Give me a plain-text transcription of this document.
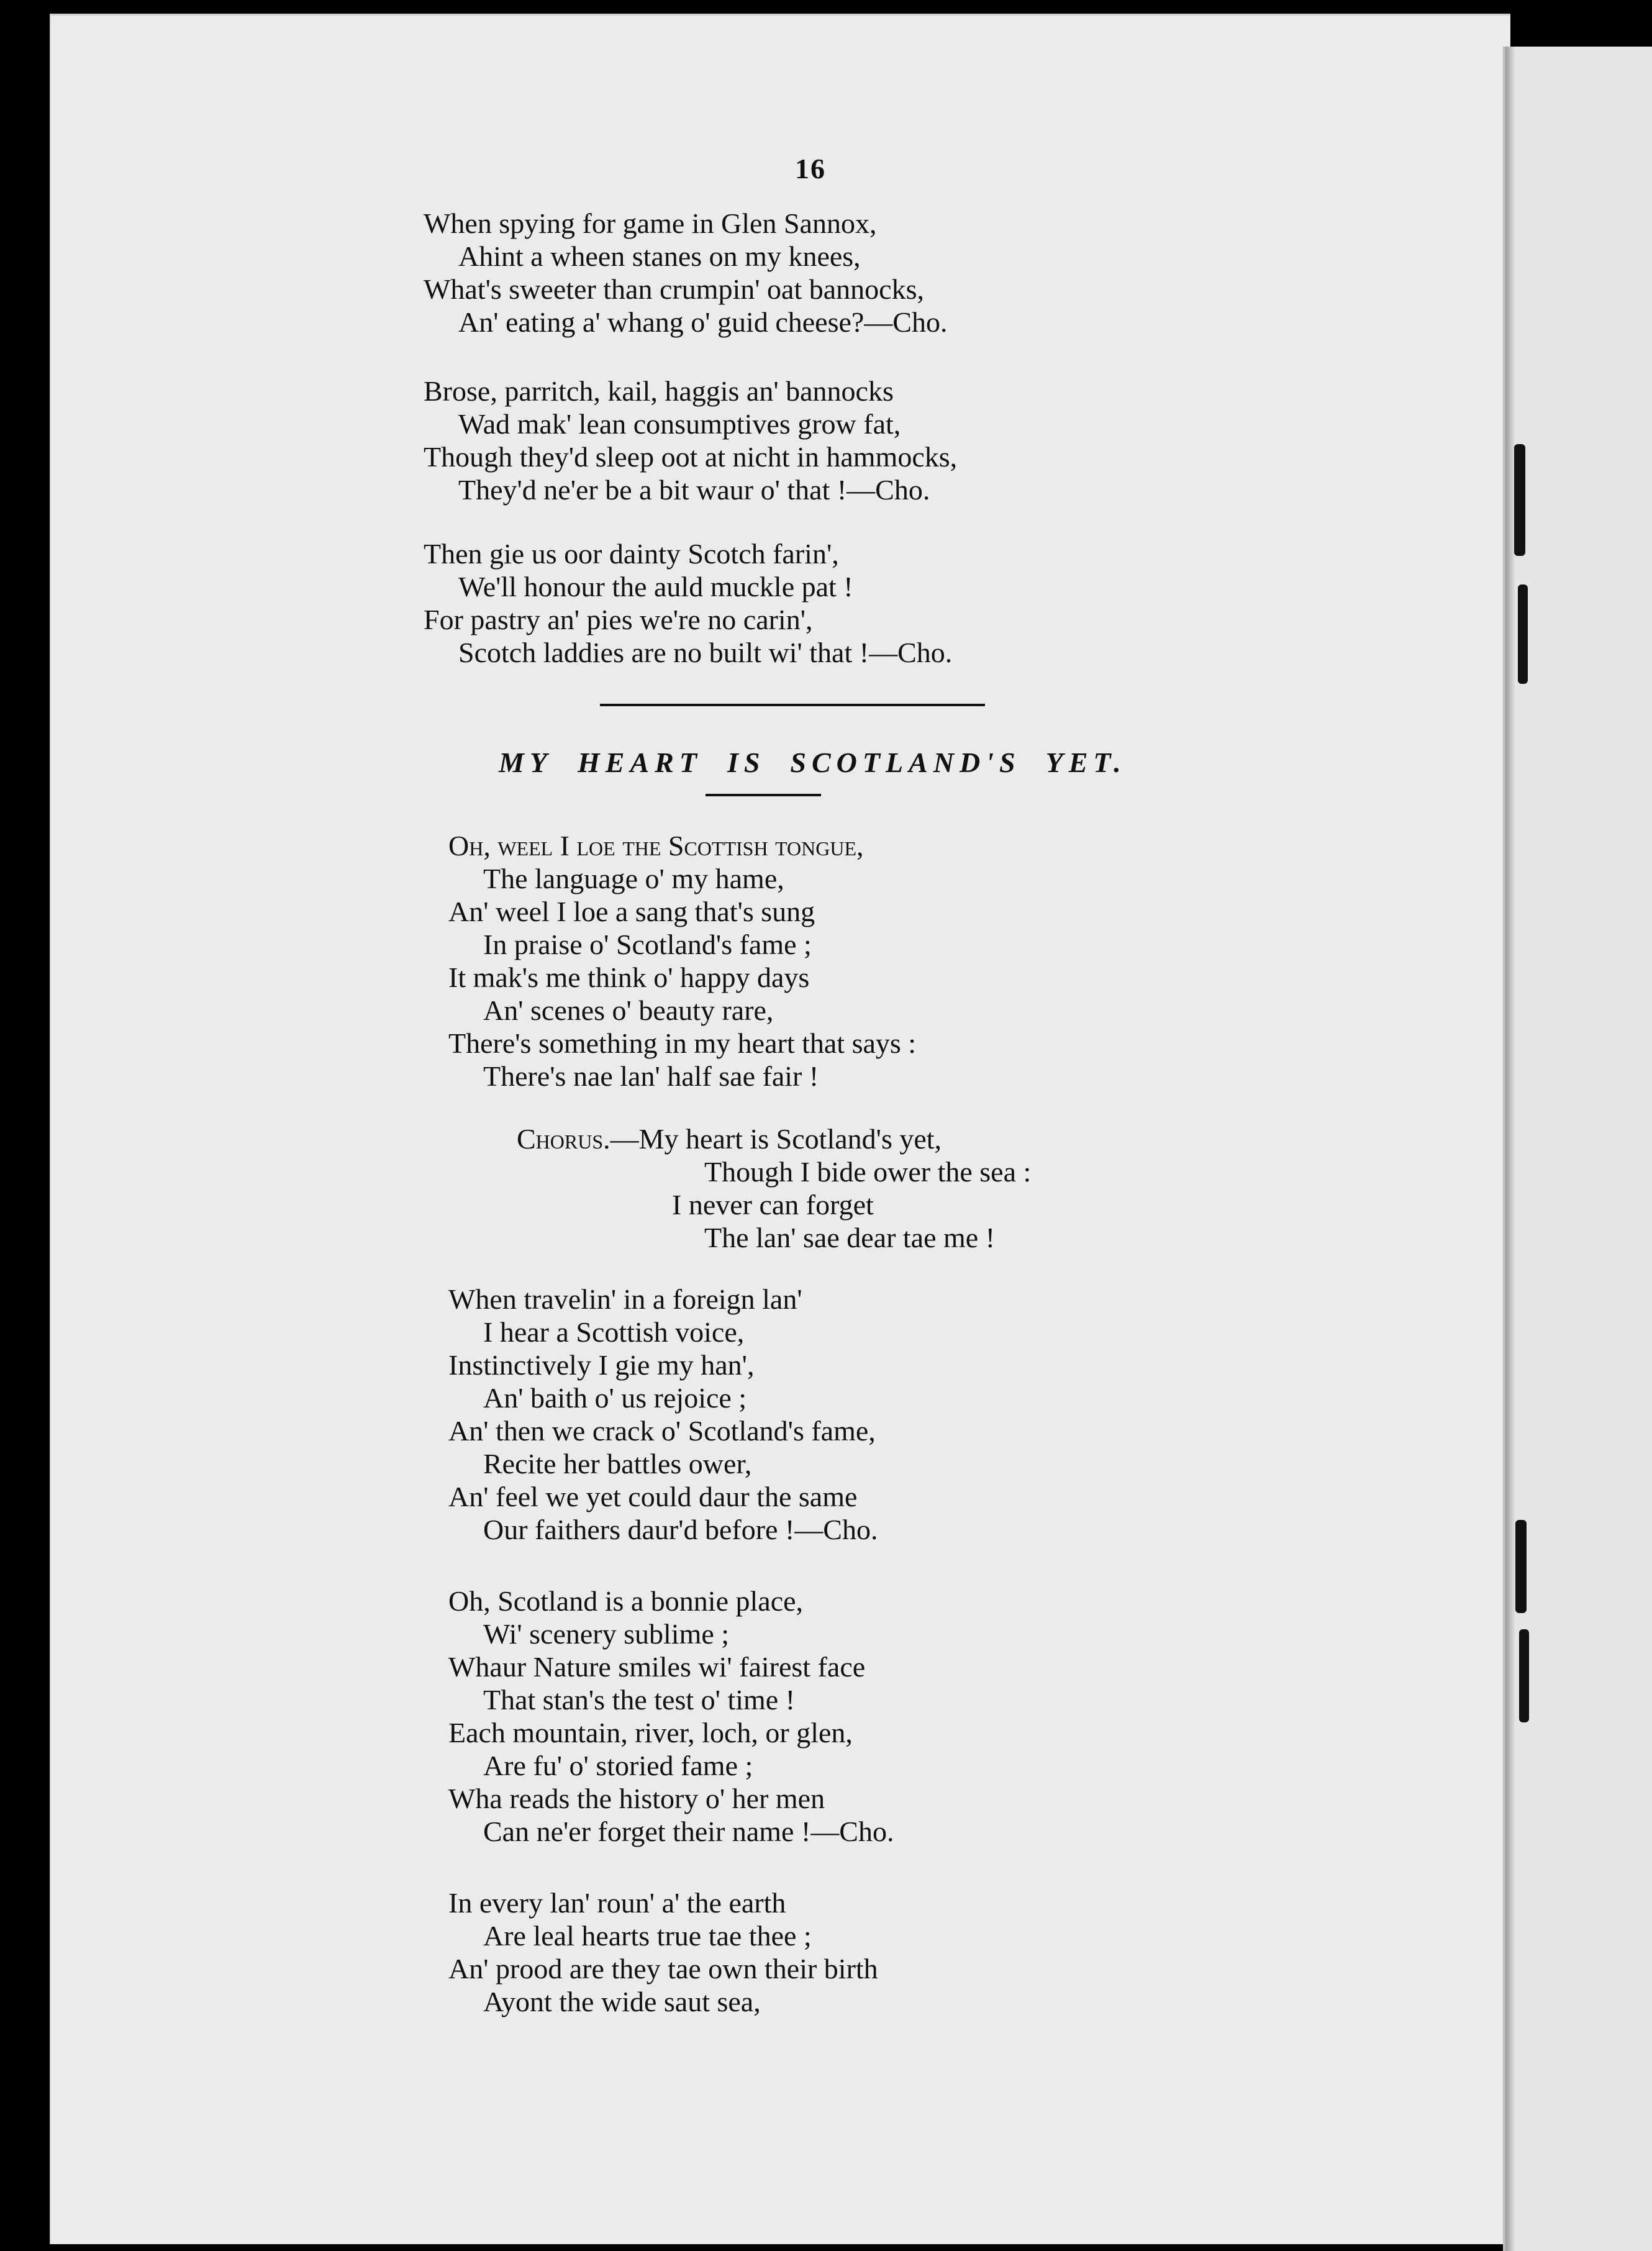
16
When spying for game in Glen Sannox,
Ahint a wheen stanes on my knees,
What's sweeter than crumpin' oat bannocks,
An' eating a' whang o' guid cheese?—Cho.
Brose, parritch, kail, haggis an' bannocks
Wad mak' lean consumptives grow fat,
Though they'd sleep oot at nicht in hammocks,
They'd ne'er be a bit waur o' that !—Cho.
Then gie us oor dainty Scotch farin',
We'll honour the auld muckle pat !
For pastry an' pies we're no carin',
Scotch laddies are no built wi' that !—Cho.
MY HEART IS SCOTLAND'S YET.
Oh, weel I loe the Scottish tongue,
The language o' my hame,
An' weel I loe a sang that's sung
In praise o' Scotland's fame ;
It mak's me think o' happy days
An' scenes o' beauty rare,
There's something in my heart that says :
There's nae lan' half sae fair !
Chorus.—My heart is Scotland's yet,
Though I bide ower the sea :
I never can forget
The lan' sae dear tae me !
When travelin' in a foreign lan'
I hear a Scottish voice,
Instinctively I gie my han',
An' baith o' us rejoice ;
An' then we crack o' Scotland's fame,
Recite her battles ower,
An' feel we yet could daur the same
Our faithers daur'd before !—Cho.
Oh, Scotland is a bonnie place,
Wi' scenery sublime ;
Whaur Nature smiles wi' fairest face
That stan's the test o' time !
Each mountain, river, loch, or glen,
Are fu' o' storied fame ;
Wha reads the history o' her men
Can ne'er forget their name !—Cho.
In every lan' roun' a' the earth
Are leal hearts true tae thee ;
An' prood are they tae own their birth
Ayont the wide saut sea,
